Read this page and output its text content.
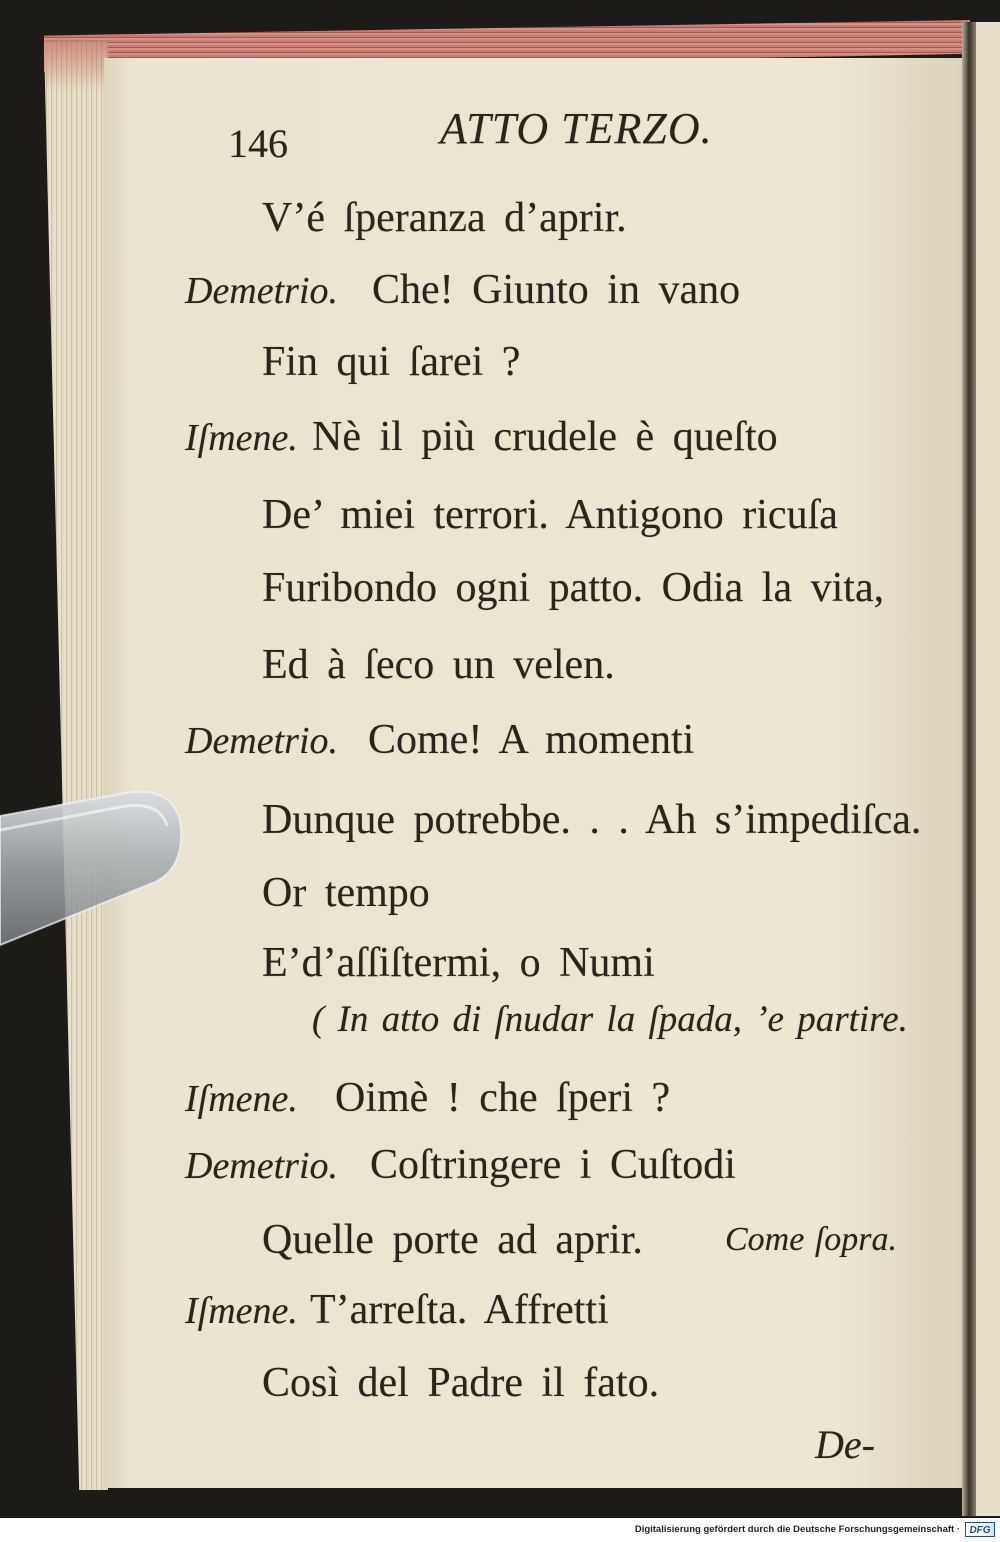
146	ATTO TERZO.
V’é ſperanza d’aprir.
Demetrio. Che! Giunto in vano
Fin qui ſarei ?
Iſmene. Nè il più crudele è queſto
De’ miei terrori. Antigono ricuſa
Furibondo ogni patto. Odia la vita,
Ed à ſeco un velen.
Demetrio. Come! A momenti
Dunque potrebbe. . . Ah s’impediſca.
Or tempo
E’d’aſſiſtermi, o Numi
( In atto di ſnudar la ſpada, ’e partire.
Iſmene. Oimè ! che ſperi ?
Demetrio. Coſtringere i Cuſtodi
Quelle porte ad aprir. Come ſopra.
Iſmene. T’arreſta. Affretti
Così del Padre il fato.
De-
Digitalisierung gefördert durch die Deutsche Forschungsgemeinschaft · DFG
